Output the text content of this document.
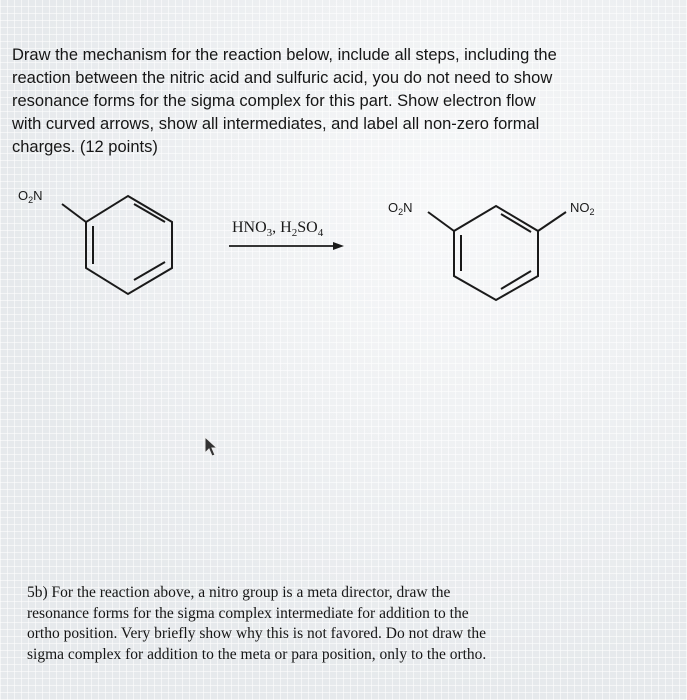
Draw the mechanism for the reaction below, include all steps, including the
reaction between the nitric acid and sulfuric acid, you do not need to show
resonance forms for the sigma complex for this part. Show electron flow
with curved arrows, show all intermediates, and label all non-zero formal
charges. (12 points)
$O_2N$
$HNO_3$, $H_2SO_4$
$O_2N$	$NO_2$
5b) For the reaction above, a nitro group is a meta director, draw the
resonance forms for the sigma complex intermediate for addition to the
ortho position. Very briefly show why this is not favored. Do not draw the
sigma complex for addition to the meta or para position, only to the ortho.
